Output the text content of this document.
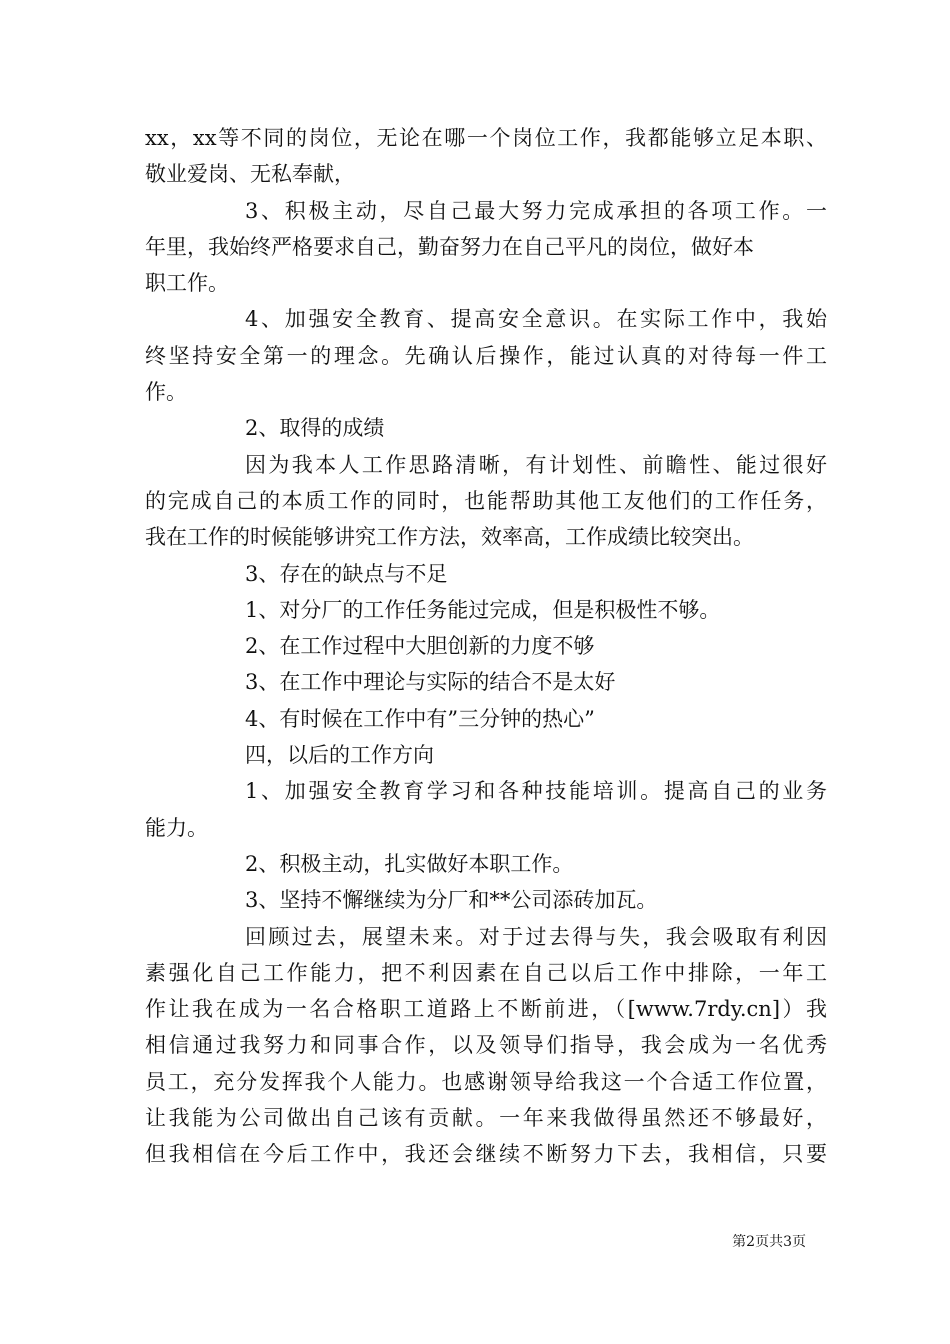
xx，xx等不同的岗位，无论在哪一个岗位工作，我都能够立足本职、
敬业爱岗、无私奉献，
3、积极主动，尽自己最大努力完成承担的各项工作。一
年里，我始终严格要求自己，勤奋努力在自己平凡的岗位，做好本
职工作。
4、加强安全教育、提高安全意识。在实际工作中，我始
终坚持安全第一的理念。先确认后操作，能过认真的对待每一件工
作。
2、取得的成绩
因为我本人工作思路清晰，有计划性、前瞻性、能过很好
的完成自己的本质工作的同时，也能帮助其他工友他们的工作任务，
我在工作的时候能够讲究工作方法，效率高，工作成绩比较突出。
3、存在的缺点与不足
1、对分厂的工作任务能过完成，但是积极性不够。
2、在工作过程中大胆创新的力度不够
3、在工作中理论与实际的结合不是太好
4、有时候在工作中有”三分钟的热心”
四，以后的工作方向
1、加强安全教育学习和各种技能培训。提高自己的业务
能力。
2、积极主动，扎实做好本职工作。
3、坚持不懈继续为分厂和**公司添砖加瓦。
回顾过去，展望未来。对于过去得与失，我会吸取有利因
素强化自己工作能力，把不利因素在自己以后工作中排除，一年工
作让我在成为一名合格职工道路上不断前进，（[www.7rdy.cn]）我
相信通过我努力和同事合作，以及领导们指导，我会成为一名优秀
员工，充分发挥我个人能力。也感谢领导给我这一个合适工作位置，
让我能为公司做出自己该有贡献。一年来我做得虽然还不够最好，
但我相信在今后工作中，我还会继续不断努力下去，我相信，只要
第2页共3页
